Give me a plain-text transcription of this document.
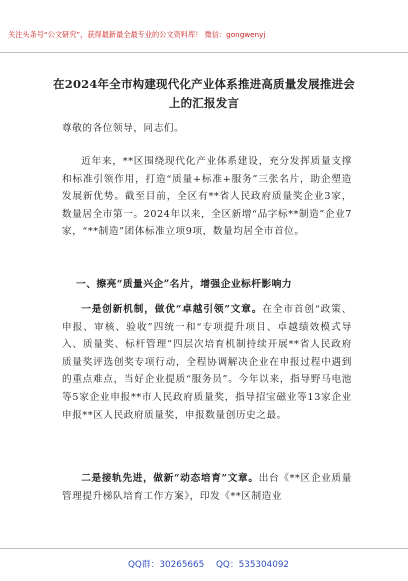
关注头条号“公文研究”，获得最新最全最专业的公文资料库！ 微信：gongwenyj
在2024年全市构建现代化产业体系推进高质量发展推进会
上的汇报发言

尊敬的各位领导，同志们。

近年来，**区围绕现代化产业体系建设，充分发挥质量支撑和标准引领作用，打造“质量+标准+服务”三张名片，助企塑造发展新优势。截至目前，全区有**省人民政府质量奖企业3家，数量居全市第一。2024年以来，全区新增“品字标**制造”企业7家，“**制造”团体标准立项9项，数量均居全市首位。

一、擦亮“质量兴企”名片，增强企业标杆影响力

一是创新机制，做优“卓越引领”文章。在全市首创“政策、申报、审核、验收”四统一和“专项提升项目、卓越绩效模式导入、质量奖、标杆管理”四层次培育机制持续开展**省人民政府质量奖评选创奖专项行动，全程协调解决企业在申报过程中遇到的重点难点，当好企业提质“服务员”。今年以来，指导野马电池等5家企业申报**市人民政府质量奖，指导招宝磁业等13家企业申报**区人民政府质量奖，申报数量创历史之最。

二是接轨先进，做新“动态培育”文章。出台《**区企业质量管理提升梯队培育工作方案》，印发《**区制造业

QQ群：30265665 QQ：535304092
